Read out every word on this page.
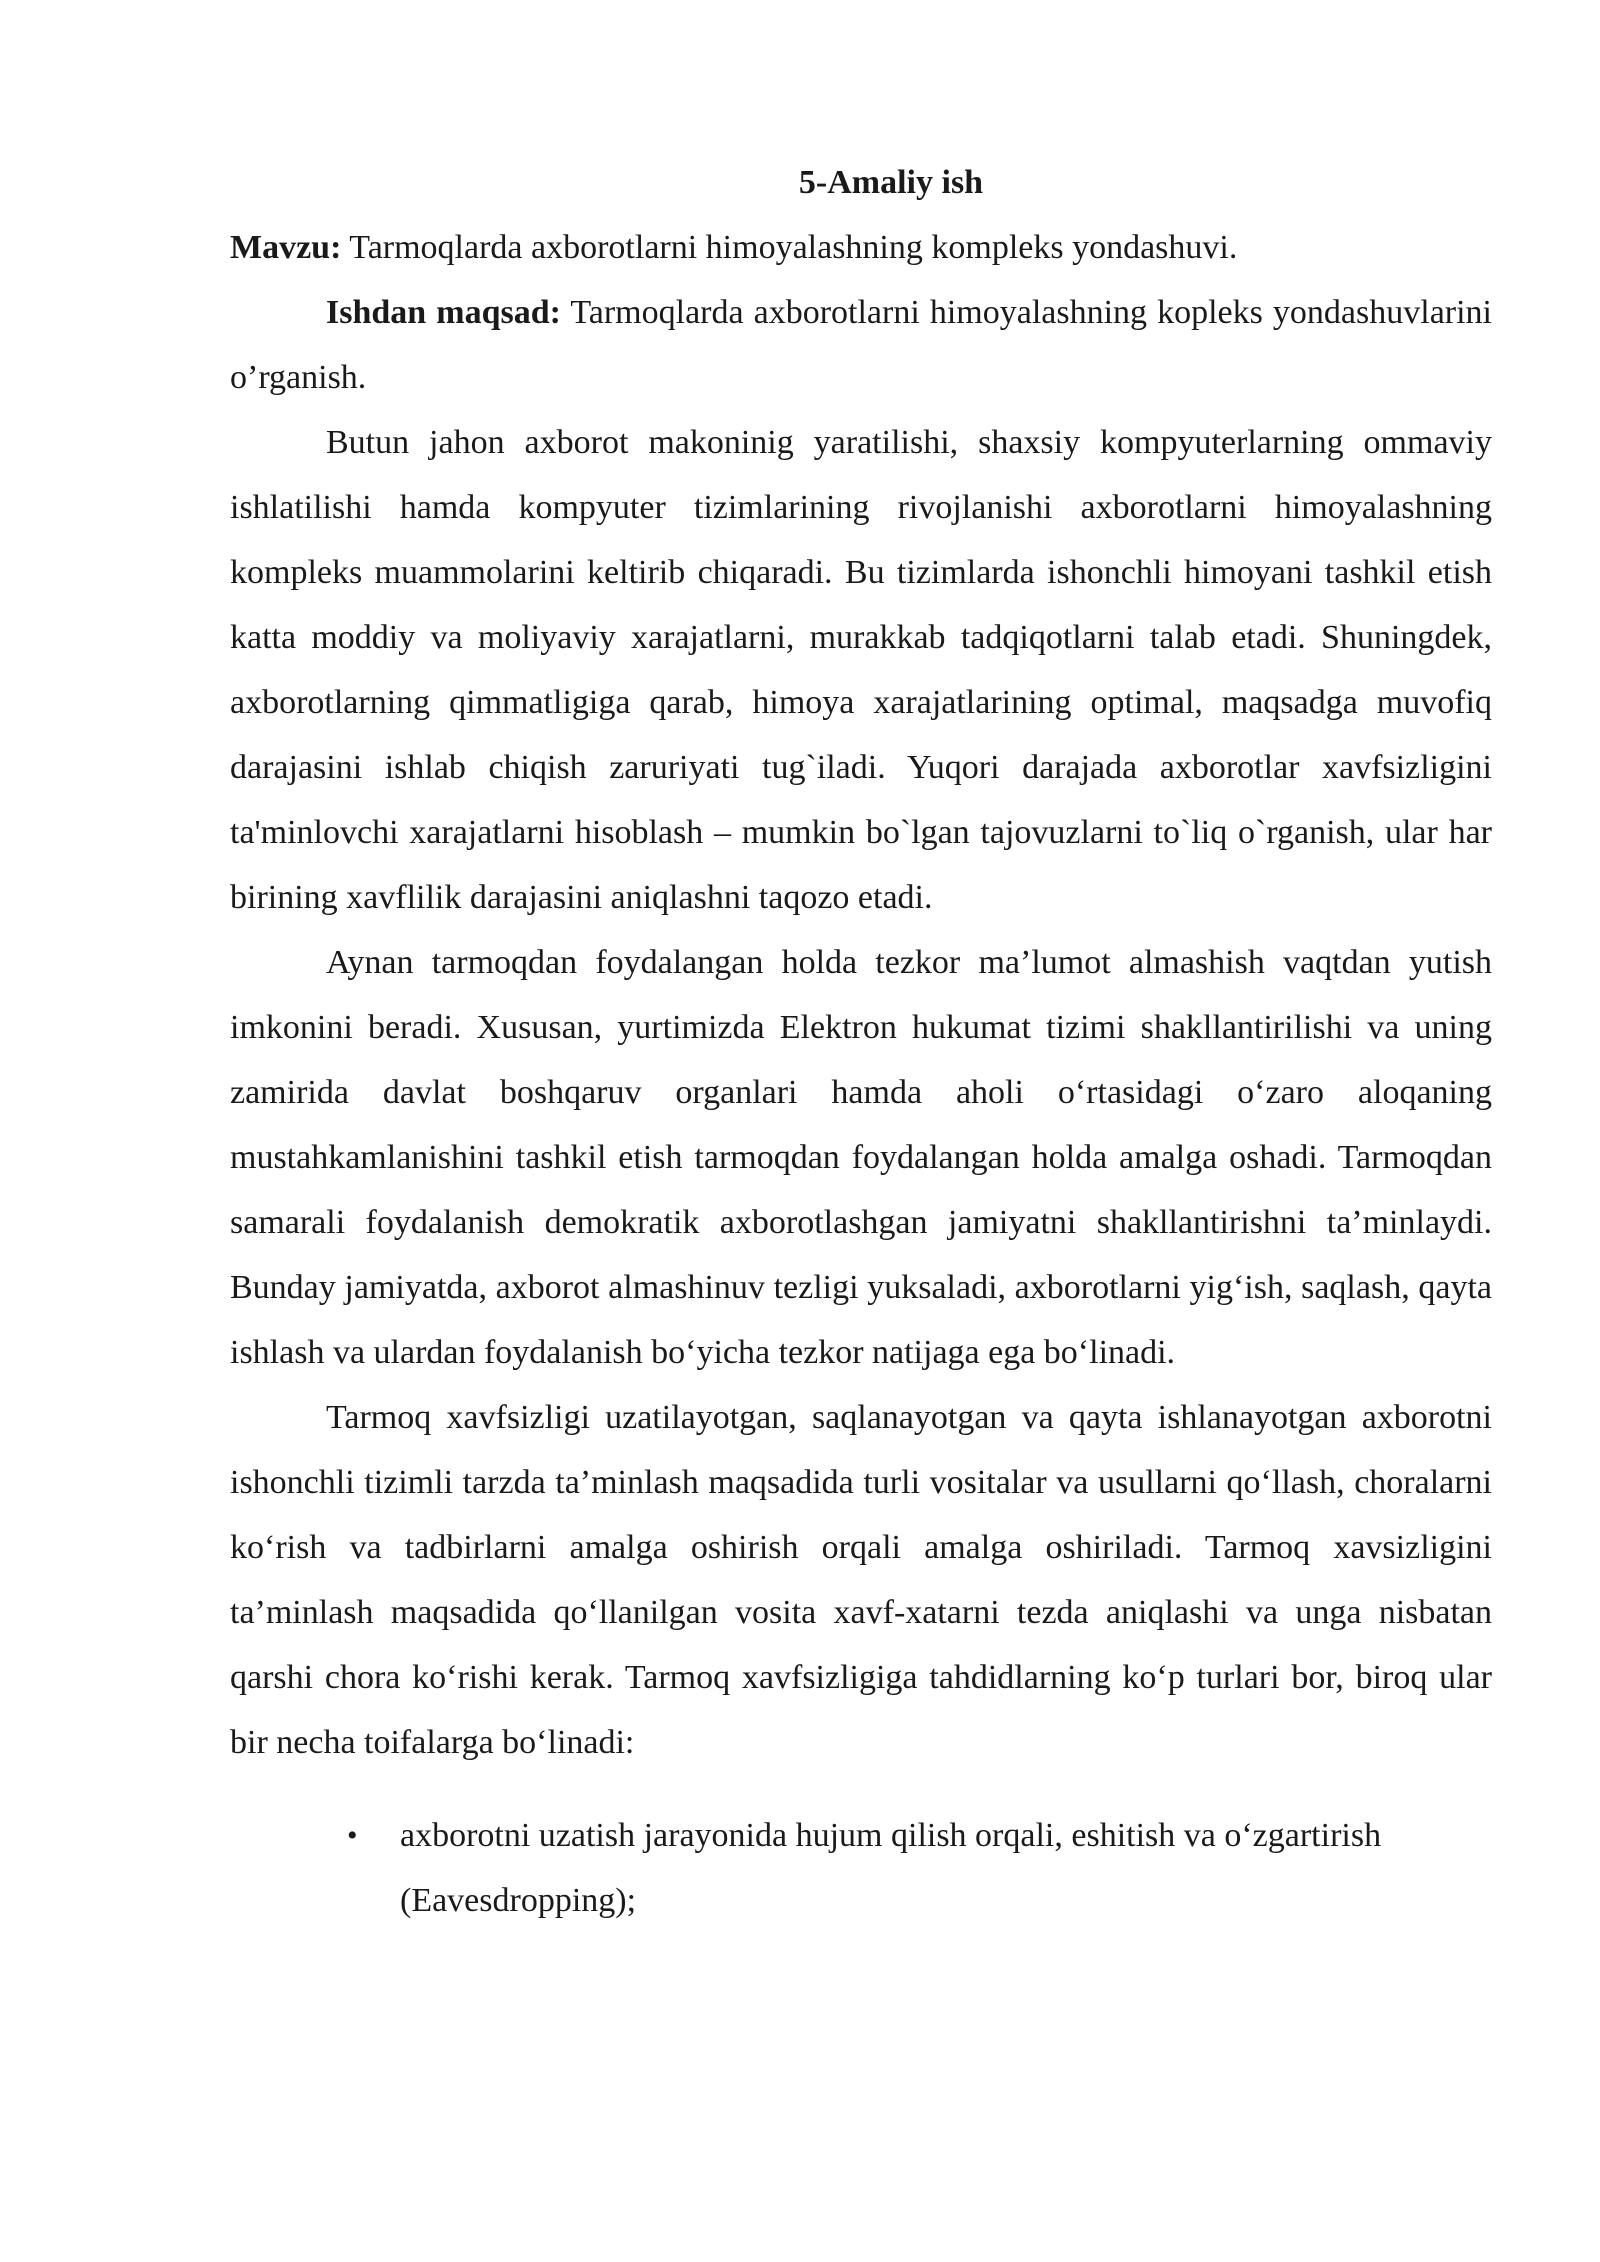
5-Amaliy ish

Mavzu: Tarmoqlarda axborotlarni himoyalashning kompleks yondashuvi.

Ishdan maqsad: Tarmoqlarda axborotlarni himoyalashning kopleks yondashuvlarini o’rganish.

Butun jahon axborot makoninig yaratilishi, shaxsiy kompyuterlarning ommaviy ishlatilishi hamda kompyuter tizimlarining rivojlanishi axborotlarni himoyalashning kompleks muammolarini keltirib chiqaradi. Bu tizimlarda ishonchli himoyani tashkil etish katta moddiy va moliyaviy xarajatlarni, murakkab tadqiqotlarni talab etadi. Shuningdek, axborotlarning qimmatligiga qarab, himoya xarajatlarining optimal, maqsadga muvofiq darajasini ishlab chiqish zaruriyati tug`iladi. Yuqori darajada axborotlar xavfsizligini ta'minlovchi xarajatlarni hisoblash – mumkin bo`lgan tajovuzlarni to`liq o`rganish, ular har birining xavflilik darajasini aniqlashni taqozo etadi.

Aynan tarmoqdan foydalangan holda tezkor ma’lumot almashish vaqtdan yutish imkonini beradi. Xususan, yurtimizda Elektron hukumat tizimi shakllantirilishi va uning zamirida davlat boshqaruv organlari hamda aholi o‘rtasidagi o‘zaro aloqaning mustahkamlanishini tashkil etish tarmoqdan foydalangan holda amalga oshadi. Tarmoqdan samarali foydalanish demokratik axborotlashgan jamiyatni shakllantirishni ta’minlaydi. Bunday jamiyatda, axborot almashinuv tezligi yuksaladi, axborotlarni yig‘ish, saqlash, qayta ishlash va ulardan foydalanish bo‘yicha tezkor natijaga ega bo‘linadi.

Tarmoq xavfsizligi uzatilayotgan, saqlanayotgan va qayta ishlanayotgan axborotni ishonchli tizimli tarzda ta’minlash maqsadida turli vositalar va usullarni qo‘llash, choralarni ko‘rish va tadbirlarni amalga oshirish orqali amalga oshiriladi. Tarmoq xavsizligini ta’minlash maqsadida qo‘llanilgan vosita xavf-xatarni tezda aniqlashi va unga nisbatan qarshi chora ko‘rishi kerak. Tarmoq xavfsizligiga tahdidlarning ko‘p turlari bor, biroq ular bir necha toifalarga bo‘linadi:

• axborotni uzatish jarayonida hujum qilish orqali, eshitish va o‘zgartirish (Eavesdropping);
